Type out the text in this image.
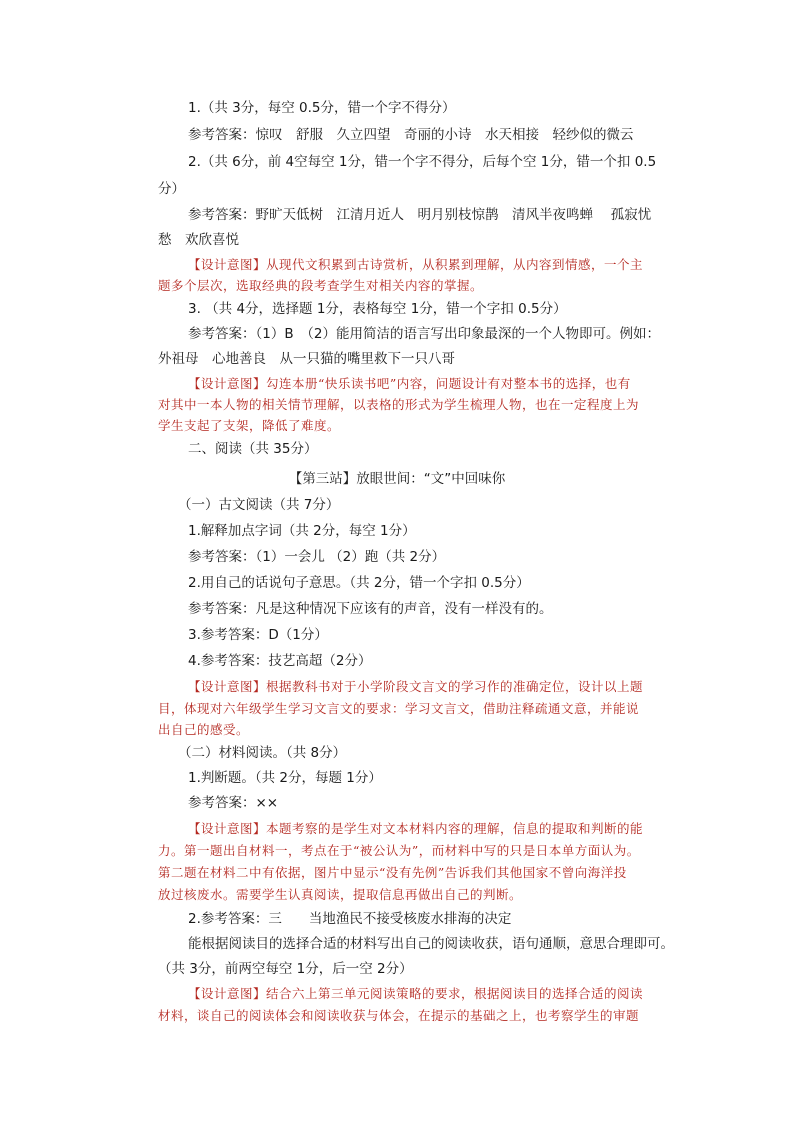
1.（共 3分，每空 0.5分，错一个字不得分）
参考答案：惊叹　舒服　久立四望　奇丽的小诗　水天相接　轻纱似的微云
2.（共 6分，前 4空每空 1分，错一个字不得分，后每个空 1分，错一个扣 0.5
分）
参考答案：野旷天低树　江清月近人　明月别枝惊鹊　清风半夜鸣蝉　 孤寂忧
愁　欢欣喜悦
【设计意图】从现代文积累到古诗赏析，从积累到理解，从内容到情感，一个主
题多个层次，选取经典的段考查学生对相关内容的掌握。
3. （共 4分，选择题 1分，表格每空 1分，错一个字扣 0.5分）
参考答案：（1）B　（2）能用简洁的语言写出印象最深的一个人物即可。例如：
外祖母　心地善良　从一只猫的嘴里救下一只八哥
【设计意图】勾连本册“快乐读书吧”内容，问题设计有对整本书的选择，也有
对其中一本人物的相关情节理解，以表格的形式为学生梳理人物，也在一定程度上为
学生支起了支架，降低了难度。
二、阅读（共 35分）
【第三站】放眼世间：“文”中回味你
（一）古文阅读（共 7分）
1.解释加点字词（共 2分，每空 1分）
参考答案：（1）一会儿 （2）跑（共 2分）
2.用自己的话说句子意思。（共 2分，错一个字扣 0.5分）
参考答案：凡是这种情况下应该有的声音，没有一样没有的。
3.参考答案：D（1分）
4.参考答案：技艺高超（2分）
【设计意图】根据教科书对于小学阶段文言文的学习作的准确定位，设计以上题
目，体现对六年级学生学习文言文的要求：学习文言文，借助注释疏通文意，并能说
出自己的感受。
（二）材料阅读。（共 8分）
1.判断题。（共 2分，每题 1分）
参考答案：××
【设计意图】本题考察的是学生对文本材料内容的理解，信息的提取和判断的能
力。第一题出自材料一，考点在于“被公认为”，而材料中写的只是日本单方面认为。
第二题在材料二中有依据，图片中显示“没有先例”告诉我们其他国家不曾向海洋投
放过核废水。需要学生认真阅读，提取信息再做出自己的判断。
2.参考答案：三　　当地渔民不接受核废水排海的决定
能根据阅读目的选择合适的材料写出自己的阅读收获，语句通顺，意思合理即可。
（共 3分，前两空每空 1分，后一空 2分）
【设计意图】结合六上第三单元阅读策略的要求，根据阅读目的选择合适的阅读
材料，谈自己的阅读体会和阅读收获与体会，在提示的基础之上，也考察学生的审题
